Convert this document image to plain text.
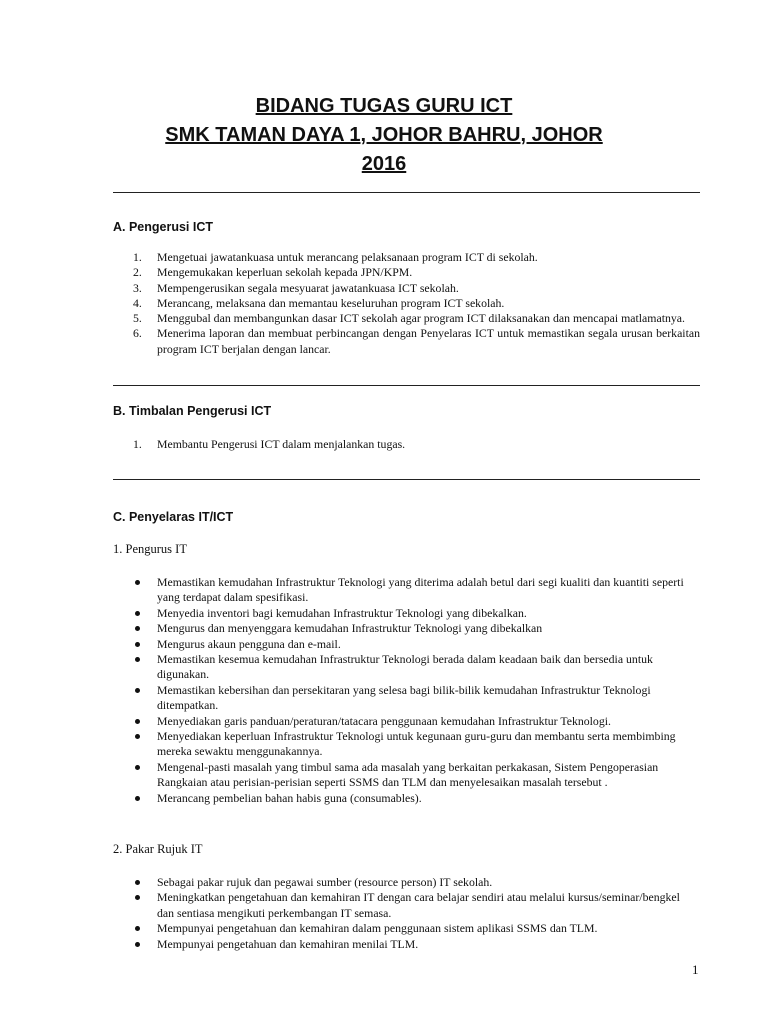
BIDANG TUGAS GURU ICT
SMK TAMAN DAYA 1, JOHOR BAHRU, JOHOR
2016
A. Pengerusi ICT
1. Mengetuai jawatankuasa untuk merancang pelaksanaan program ICT di sekolah.
2. Mengemukakan keperluan sekolah kepada JPN/KPM.
3. Mempengerusikan segala mesyuarat jawatankuasa ICT sekolah.
4. Merancang, melaksana dan memantau keseluruhan program ICT sekolah.
5. Menggubal dan membangunkan dasar ICT sekolah agar program ICT dilaksanakan dan mencapai matlamatnya.
6. Menerima laporan dan membuat perbincangan dengan Penyelaras ICT untuk memastikan segala urusan berkaitan program ICT berjalan dengan lancar.
B. Timbalan Pengerusi ICT
1. Membantu Pengerusi ICT dalam menjalankan tugas.
C. Penyelaras IT/ICT
1. Pengurus IT
Memastikan kemudahan Infrastruktur Teknologi yang diterima adalah betul dari segi kualiti dan kuantiti seperti yang terdapat dalam spesifikasi.
Menyedia inventori bagi kemudahan Infrastruktur Teknologi yang dibekalkan.
Mengurus dan menyenggara kemudahan Infrastruktur Teknologi yang dibekalkan
Mengurus akaun pengguna dan e-mail.
Memastikan kesemua kemudahan Infrastruktur Teknologi berada dalam keadaan baik dan bersedia untuk digunakan.
Memastikan kebersihan dan persekitaran yang selesa bagi bilik-bilik kemudahan Infrastruktur Teknologi ditempatkan.
Menyediakan garis panduan/peraturan/tatacara penggunaan kemudahan Infrastruktur Teknologi.
Menyediakan keperluan Infrastruktur Teknologi untuk kegunaan guru-guru dan membantu serta membimbing mereka sewaktu menggunakannya.
Mengenal-pasti masalah yang timbul sama ada masalah yang berkaitan perkakasan, Sistem Pengoperasian Rangkaian atau perisian-perisian seperti SSMS dan TLM dan menyelesaikan masalah tersebut .
Merancang pembelian bahan habis guna (consumables).
2. Pakar Rujuk IT
Sebagai pakar rujuk dan pegawai sumber (resource person) IT sekolah.
Meningkatkan pengetahuan dan kemahiran IT dengan cara belajar sendiri atau melalui kursus/seminar/bengkel dan sentiasa mengikuti perkembangan IT semasa.
Mempunyai pengetahuan dan kemahiran dalam penggunaan sistem aplikasi SSMS dan TLM.
Mempunyai pengetahuan dan kemahiran menilai TLM.
1
